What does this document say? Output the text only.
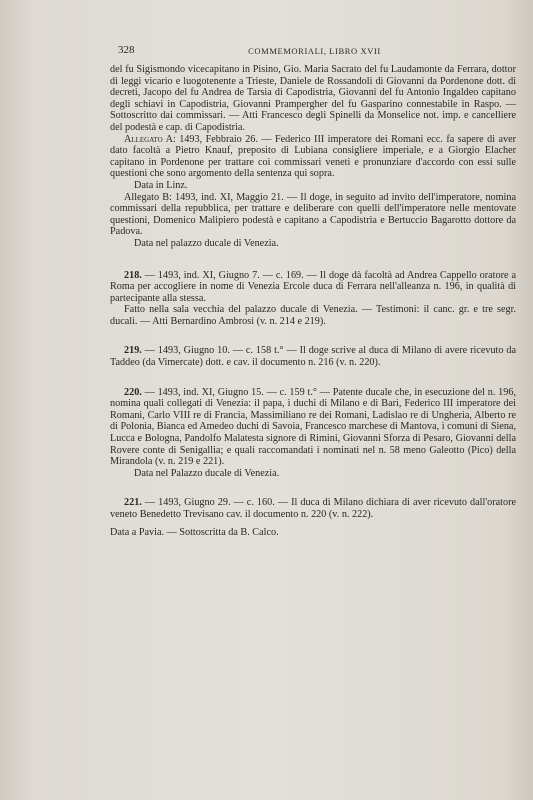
328	COMMEMORIALI, LIBRO XVII

del fu Sigismondo vicecapitano in Pisino, Gio. Maria Sacrato del fu Laudamonte da Ferrara, dottor di leggi vicario e luogotenente a Trieste, Daniele de Rossandoli di Giovanni da Pordenone dott. di decreti, Jacopo del fu Andrea de Tarsia di Capodistria, Giovanni del fu Antonio Ingaldeo capitano degli schiavi in Capodistria, Giovanni Prampergher del fu Gasparino connestabile in Raspo. — Sottoscritto dai commissari. — Atti Francesco degli Spinelli da Monselice not. imp. e cancelliere del podestà e cap. di Capodistria.

Allegato A: 1493, Febbraio 26. — Federico III imperatore dei Romani ecc. fa sapere di aver dato facoltà a Pietro Knauf, preposito di Lubiana consigliere imperiale, e a Giorgio Elacher capitano in Pordenone per trattare coi commissari veneti e pronunziare d'accordo con essi sulle questioni che sono argomento della sentenza qui sopra.

Data in Linz.

Allegato B: 1493, ind. XI, Maggio 21. — Il doge, in seguito ad invito dell'imperatore, nomina commissari della repubblica, per trattare e deliberare con quelli dell'imperatore nelle mentovate questioni, Domenico Malipiero podestà e capitano a Capodistria e Bertuccio Bagarotto dottore da Padova.

Data nel palazzo ducale di Venezia.

218. — 1493, ind. XI, Giugno 7. — c. 169. — Il doge dà facoltà ad Andrea Cappello oratore a Roma per accogliere in nome di Venezia Ercole duca di Ferrara nell'alleanza n. 196, in qualità di partecipante alla stessa.

Fatto nella sala vecchia del palazzo ducale di Venezia. — Testimoni: il canc. gr. e tre segr. ducali. — Atti Bernardino Ambrosi (v. n. 214 e 219).

219. — 1493, Giugno 10. — c. 158 t.° — Il doge scrive al duca di Milano di avere ricevuto da Taddeo (da Vimercate) dott. e cav. il documento n. 216 (v. n. 220).

220. — 1493, ind. XI, Giugno 15. — c. 159 t.° — Patente ducale che, in esecuzione del n. 196, nomina quali collegati di Venezia: il papa, i duchi di Milano e di Bari, Federico III imperatore dei Romani, Carlo VIII re di Francia, Massimiliano re dei Romani, Ladislao re di Ungheria, Alberto re di Polonia, Bianca ed Amedeo duchi di Savoia, Francesco marchese di Mantova, i comuni di Siena, Lucca e Bologna, Pandolfo Malatesta signore di Rimini, Giovanni Sforza di Pesaro, Giovanni della Rovere conte di Senigallia; e quali raccomandati i nominati nel n. 58 meno Galeotto (Pico) della Mirandola (v. n. 219 e 221).

Data nel Palazzo ducale di Venezia.

221. — 1493, Giugno 29. — c. 160. — Il duca di Milano dichiara di aver ricevuto dall'oratore veneto Benedetto Trevisano cav. il documento n. 220 (v. n. 222).

Data a Pavia. — Sottoscritta da B. Calco.
